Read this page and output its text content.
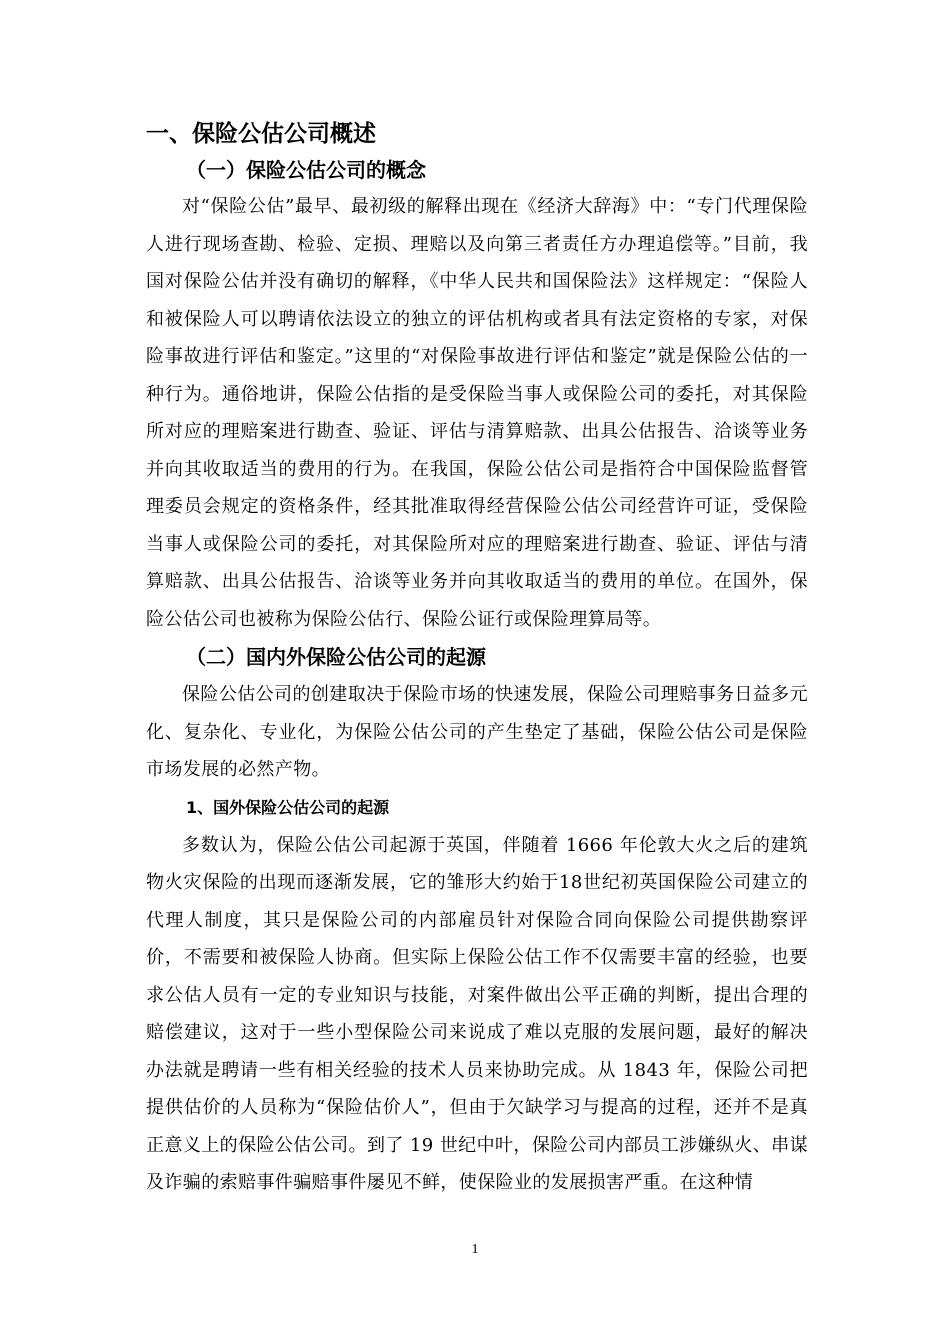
一、保险公估公司概述
（一）保险公估公司的概念

对“保险公估”最早、最初级的解释出现在《经济大辞海》中：“专门代理保险人进行现场查勘、检验、定损、理赔以及向第三者责任方办理追偿等。”目前，我国对保险公估并没有确切的解释，《中华人民共和国保险法》这样规定：“保险人和被保险人可以聘请依法设立的独立的评估机构或者具有法定资格的专家，对保险事故进行评估和鉴定。”这里的“对保险事故进行评估和鉴定”就是保险公估的一种行为。通俗地讲，保险公估指的是受保险当事人或保险公司的委托，对其保险所对应的理赔案进行勘查、验证、评估与清算赔款、出具公估报告、洽谈等业务并向其收取适当的费用的行为。在我国，保险公估公司是指符合中国保险监督管理委员会规定的资格条件，经其批准取得经营保险公估公司经营许可证，受保险当事人或保险公司的委托，对其保险所对应的理赔案进行勘查、验证、评估与清算赔款、出具公估报告、洽谈等业务并向其收取适当的费用的单位。在国外，保险公估公司也被称为保险公估行、保险公证行或保险理算局等。

（二）国内外保险公估公司的起源

保险公估公司的创建取决于保险市场的快速发展，保险公司理赔事务日益多元化、复杂化、专业化，为保险公估公司的产生垫定了基础，保险公估公司是保险市场发展的必然产物。

1、国外保险公估公司的起源

多数认为，保险公估公司起源于英国，伴随着 1666 年伦敦大火之后的建筑物火灾保险的出现而逐渐发展，它的雏形大约始于18世纪初英国保险公司建立的代理人制度，其只是保险公司的内部雇员针对保险合同向保险公司提供勘察评价，不需要和被保险人协商。但实际上保险公估工作不仅需要丰富的经验，也要求公估人员有一定的专业知识与技能，对案件做出公平正确的判断，提出合理的赔偿建议，这对于一些小型保险公司来说成了难以克服的发展问题，最好的解决办法就是聘请一些有相关经验的技术人员来协助完成。从 1843 年，保险公司把提供估价的人员称为“保险估价人”，但由于欠缺学习与提高的过程，还并不是真正意义上的保险公估公司。到了 19 世纪中叶，保险公司内部员工涉嫌纵火、串谋及诈骗的索赔事件骗赔事件屡见不鲜，使保险业的发展损害严重。在这种情

1
